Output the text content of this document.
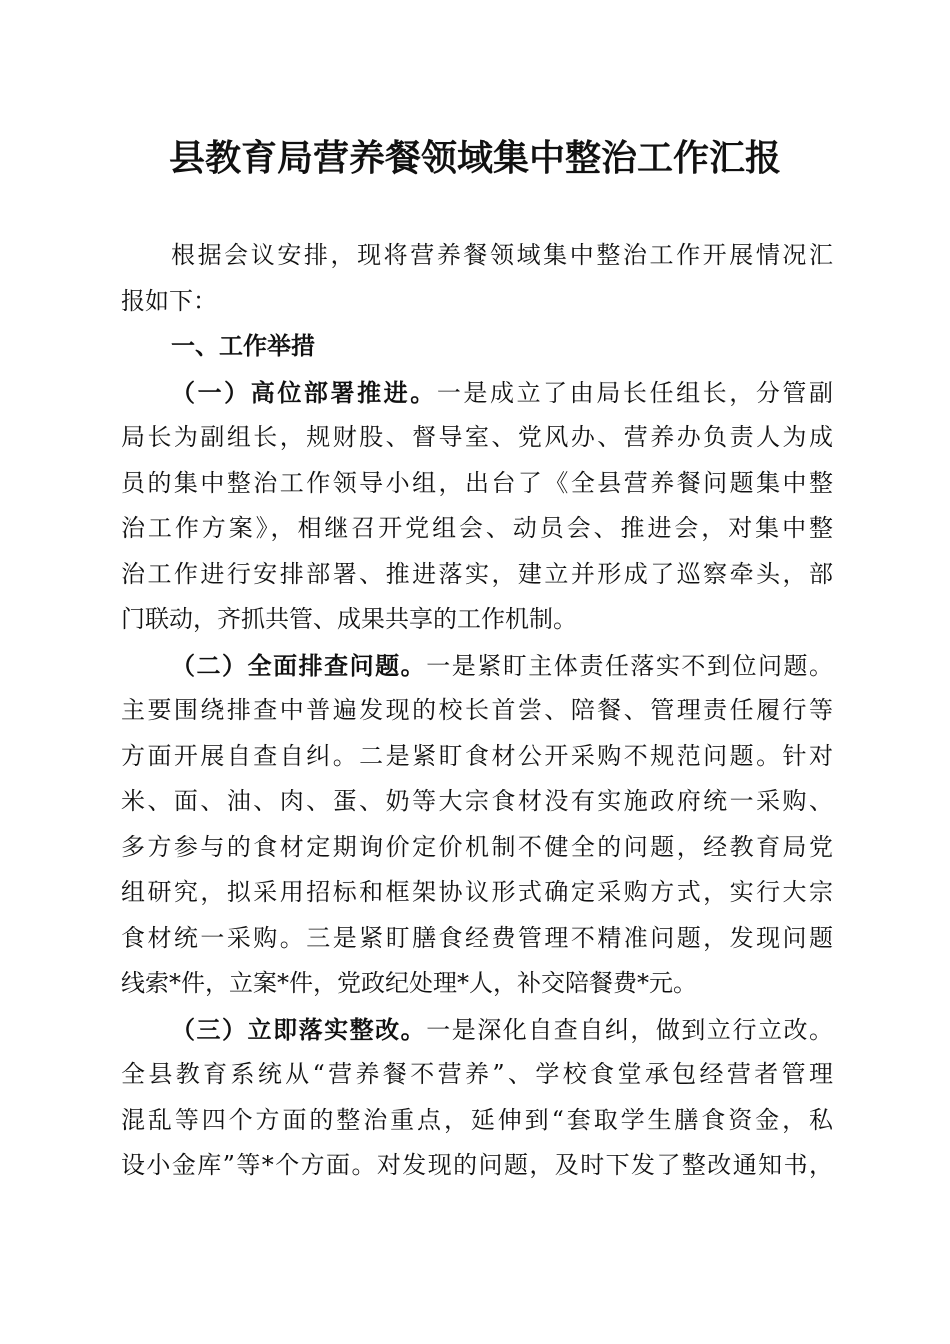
县教育局营养餐领域集中整治工作汇报
根据会议安排，现将营养餐领域集中整治工作开展情况汇
报如下：
一、工作举措
（一）高位部署推进。一是成立了由局长任组长，分管副
局长为副组长，规财股、督导室、党风办、营养办负责人为成
员的集中整治工作领导小组，出台了《全县营养餐问题集中整
治工作方案》，相继召开党组会、动员会、推进会，对集中整
治工作进行安排部署、推进落实，建立并形成了巡察牵头，部
门联动，齐抓共管、成果共享的工作机制。
（二）全面排查问题。一是紧盯主体责任落实不到位问题。
主要围绕排查中普遍发现的校长首尝、陪餐、管理责任履行等
方面开展自查自纠。二是紧盯食材公开采购不规范问题。针对
米、面、油、肉、蛋、奶等大宗食材没有实施政府统一采购、
多方参与的食材定期询价定价机制不健全的问题，经教育局党
组研究，拟采用招标和框架协议形式确定采购方式，实行大宗
食材统一采购。三是紧盯膳食经费管理不精准问题，发现问题
线索*件，立案*件，党政纪处理*人，补交陪餐费*元。
（三）立即落实整改。一是深化自查自纠，做到立行立改。
全县教育系统从“营养餐不营养”、学校食堂承包经营者管理
混乱等四个方面的整治重点，延伸到“套取学生膳食资金，私
设小金库”等*个方面。对发现的问题，及时下发了整改通知书，
